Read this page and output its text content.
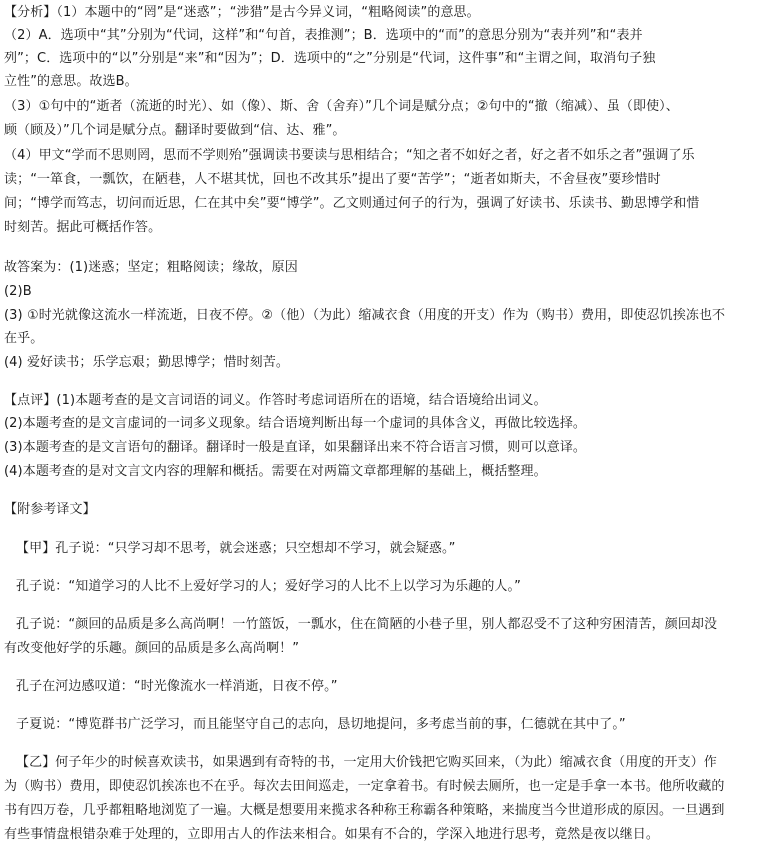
【分析】（1）本题中的“罔”是“迷惑”；“涉猎”是古今异义词，“粗略阅读”的意思。
（2）A．选项中“其”分别为“代词，这样”和“句首，表推测”；B．选项中的“而”的意思分别为“表并列”和“表并
列”；C．选项中的“以”分别是“来”和“因为”；D．选项中的“之”分别是“代词，这件事”和“主谓之间，取消句子独
立性”的意思。故选B。
（3）①句中的“逝者（流逝的时光）、如（像）、斯、舍（舍弃）”几个词是赋分点；②句中的“撤（缩减）、虽（即使）、
顾（顾及）”几个词是赋分点。翻译时要做到“信、达、雅”。
（4）甲文“学而不思则罔，思而不学则殆”强调读书要读与思相结合；“知之者不如好之者，好之者不如乐之者”强调了乐
读；“一箪食，一瓢饮，在陋巷，人不堪其忧，回也不改其乐”提出了要“苦学”；“逝者如斯夫，不舍昼夜”要珍惜时
间；“博学而笃志，切问而近思，仁在其中矣”要“博学”。乙文则通过何子的行为，强调了好读书、乐读书、勤思博学和惜
时刻苦。据此可概括作答。
故答案为：(1)迷惑；坚定；粗略阅读；缘故，原因
(2)B
(3) ①时光就像这流水一样流逝，日夜不停。②（他）（为此）缩减衣食（用度的开支）作为（购书）费用，即使忍饥挨冻也不
在乎。
(4) 爱好读书；乐学忘艰；勤思博学；惜时刻苦。
【点评】(1)本题考查的是文言词语的词义。作答时考虑词语所在的语境，结合语境给出词义。
(2)本题考查的是文言虚词的一词多义现象。结合语境判断出每一个虚词的具体含义，再做比较选择。
(3)本题考查的是文言语句的翻译。翻译时一般是直译，如果翻译出来不符合语言习惯，则可以意译。
(4)本题考查的是对文言文内容的理解和概括。需要在对两篇文章都理解的基础上，概括整理。
【附参考译文】
【甲】孔子说：“只学习却不思考，就会迷惑；只空想却不学习，就会疑惑。”
孔子说：“知道学习的人比不上爱好学习的人；爱好学习的人比不上以学习为乐趣的人。”
孔子说：“颜回的品质是多么高尚啊！一竹篮饭，一瓢水，住在简陋的小巷子里，别人都忍受不了这种穷困清苦，颜回却没
有改变他好学的乐趣。颜回的品质是多么高尚啊！”
孔子在河边感叹道：“时光像流水一样消逝，日夜不停。”
子夏说：“博览群书广泛学习，而且能坚守自己的志向，恳切地提问，多考虑当前的事，仁德就在其中了。”
【乙】何子年少的时候喜欢读书，如果遇到有奇特的书，一定用大价钱把它购买回来，（为此）缩减衣食（用度的开支）作
为（购书）费用，即使忍饥挨冻也不在乎。每次去田间巡走，一定拿着书。有时候去厕所，也一定是手拿一本书。他所收藏的
书有四万卷，几乎都粗略地浏览了一遍。大概是想要用来揽求各种称王称霸各种策略，来揣度当今世道形成的原因。一旦遇到
有些事情盘根错杂难于处理的，立即用古人的作法来相合。如果有不合的，学深入地进行思考，竟然是夜以继日。
